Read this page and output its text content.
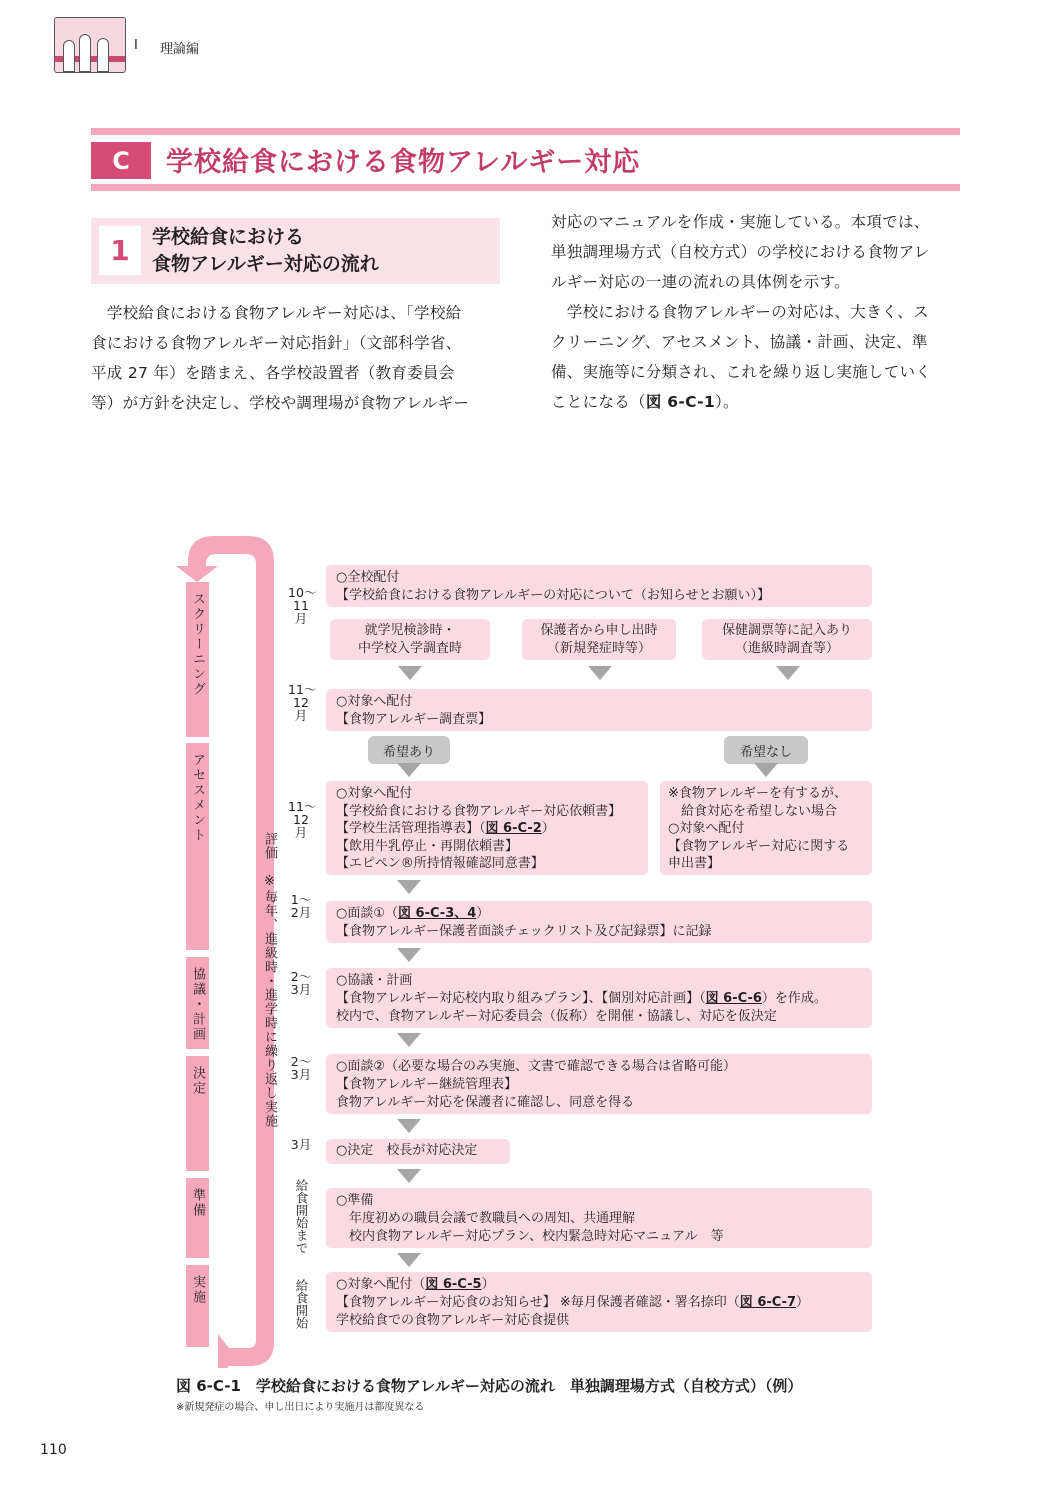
Ⅰ 理論編
C	学校給食における食物アレルギー対応
1	学校給食における
食物アレルギー対応の流れ
　学校給食における食物アレルギー対応は、「学校給
食における食物アレルギー対応指針」（文部科学省、
平成 27 年）を踏まえ、各学校設置者（教育委員会
等）が方針を決定し、学校や調理場が食物アレルギー
対応のマニュアルを作成・実施している。本項では、
単独調理場方式（自校方式）の学校における食物アレ
ルギー対応の一連の流れの具体例を示す。
　学校における食物アレルギーの対応は、大きく、ス
クリーニング、アセスメント、協議・計画、決定、準
備、実施等に分類され、これを繰り返し実施していく
ことになる（図 6-C-1）。
スクリーニング
アセスメント
協議・計画
決定
準備
実施
評価　※毎年、進級時・進学時に繰り返し実施
10〜11月
11〜12月
11〜12月
1〜2月
2〜3月
2〜3月
3月
給食開始まで
給食開始
○全校配付
【学校給食における食物アレルギーの対応について（お知らせとお願い）】
就学児検診時・
中学校入学調査時
保護者から申し出時
（新規発症時等）
保健調票等に記入あり
（進級時調査等）
○対象へ配付
【食物アレルギー調査票】
希望あり	希望なし
○対象へ配付
【学校給食における食物アレルギー対応依頼書】
【学校生活管理指導表】（図 6-C-2）
【飲用牛乳停止・再開依頼書】
【エピペン®所持情報確認同意書】
※食物アレルギーを有するが、
　給食対応を希望しない場合
○対象へ配付
【食物アレルギー対応に関する
申出書】
○面談①（図 6-C-3、4）
【食物アレルギー保護者面談チェックリスト及び記録票】に記録
○協議・計画
【食物アレルギー対応校内取り組みプラン】、【個別対応計画】（図 6-C-6）を作成。
校内で、食物アレルギー対応委員会（仮称）を開催・協議し、対応を仮決定
○面談②（必要な場合のみ実施、文書で確認できる場合は省略可能）
【食物アレルギー継続管理表】
食物アレルギー対応を保護者に確認し、同意を得る
○決定　校長が対応決定
○準備
年度初めの職員会議で教職員への周知、共通理解
校内食物アレルギー対応プラン、校内緊急時対応マニュアル　等
○対象へ配付（図 6-C-5）
【食物アレルギー対応食のお知らせ】 ※毎月保護者確認・署名捺印（図 6-C-7）
学校給食での食物アレルギー対応食提供
図 6-C-1　学校給食における食物アレルギー対応の流れ　単独調理場方式（自校方式）（例）
※新規発症の場合、申し出日により実施月は都度異なる
110
